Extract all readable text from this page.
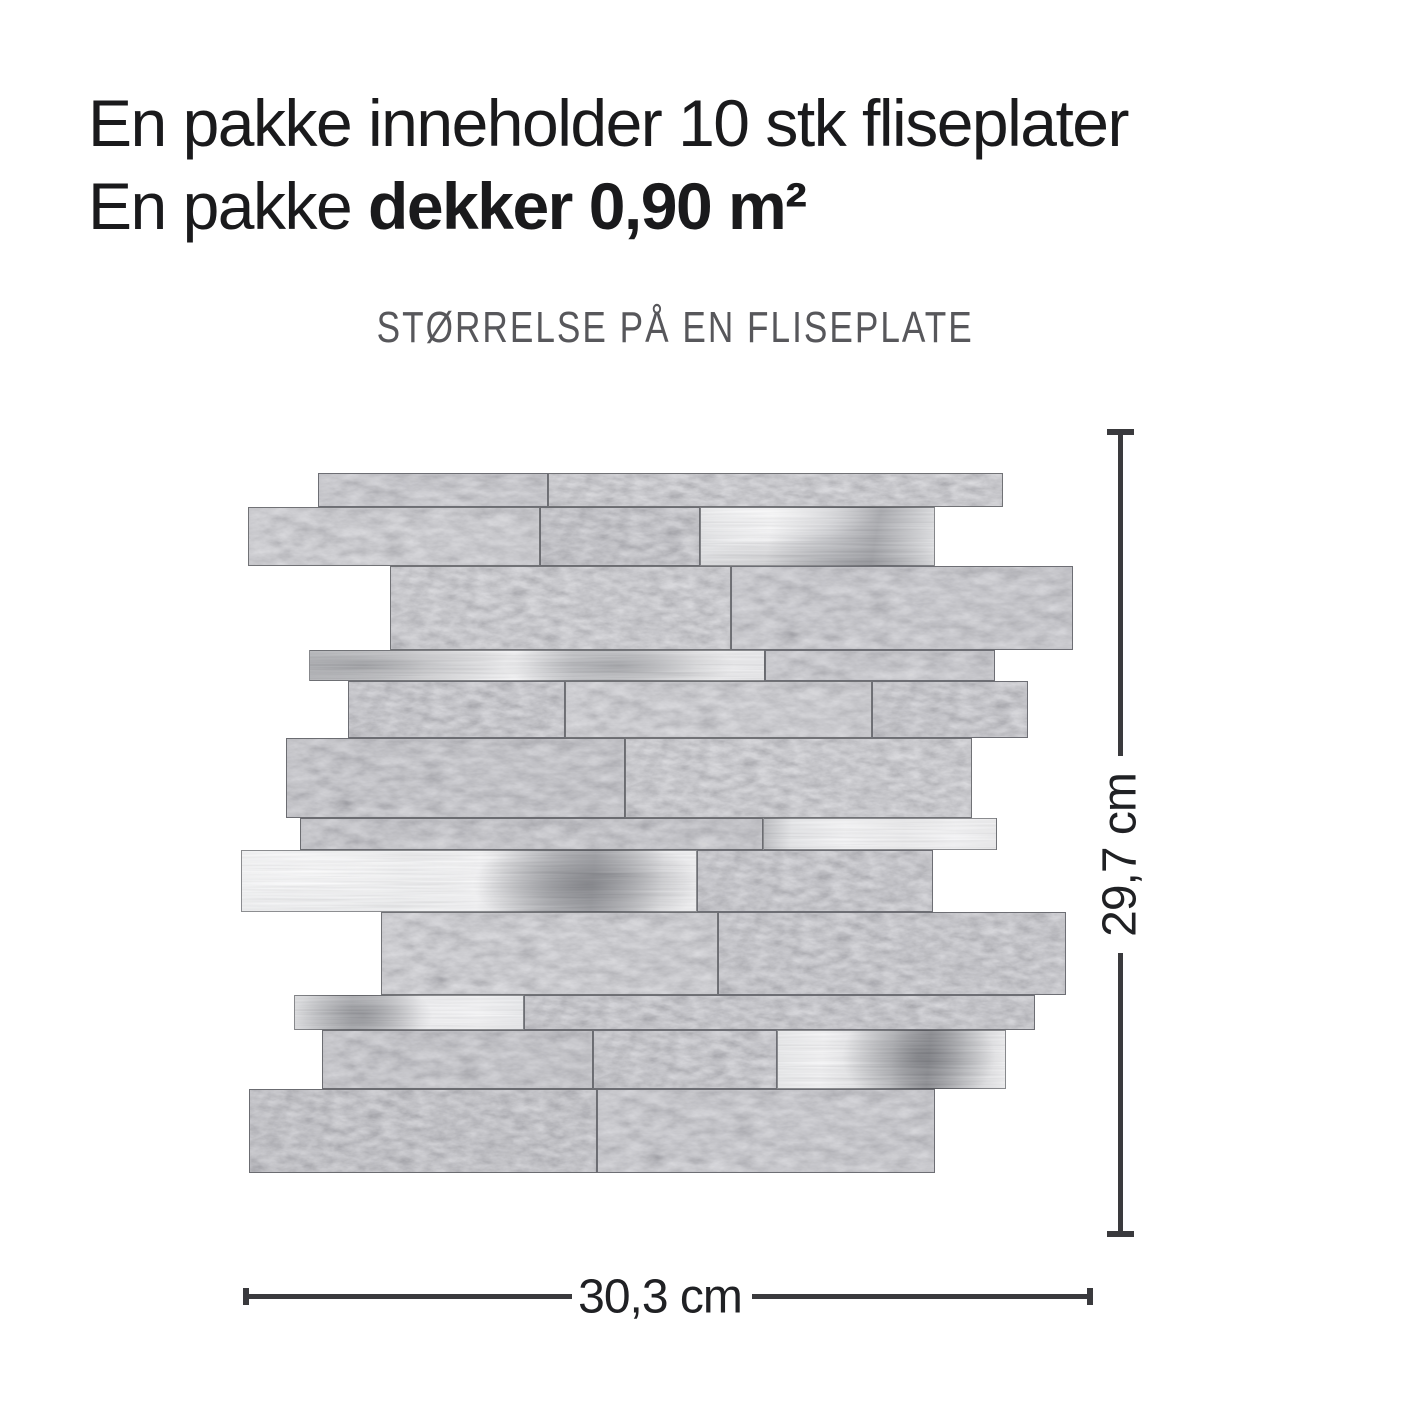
En pakke inneholder 10 stk fliseplater
En pakke dekker 0,90 m²
STØRRELSE PÅ EN FLISEPLATE
29,7 cm
30,3 cm
